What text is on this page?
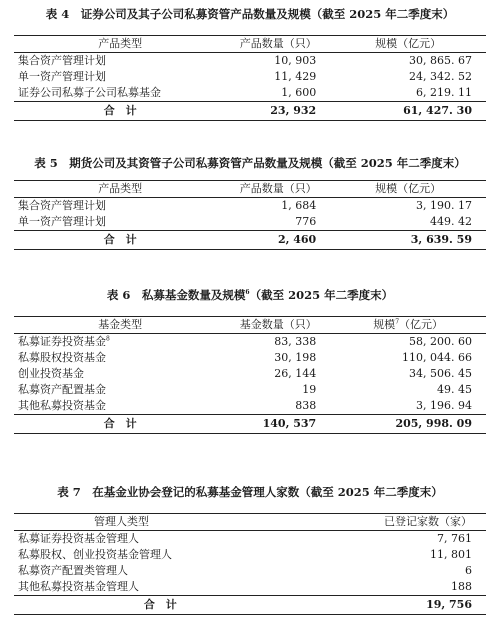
表 4　证券公司及其子公司私募资管产品数量及规模（截至 2025 年二季度末）
产品类型	产品数量（只）	规模（亿元）
集合资产管理计划	10, 903	30, 865. 67
单一资产管理计划	11, 429	24, 342. 52
证券公司私募子公司私募基金	1, 600	6, 219. 11
合　计	23, 932	61, 427. 30
表 5　期货公司及其资管子公司私募资管产品数量及规模（截至 2025 年二季度末）
产品类型	产品数量（只）	规模（亿元）
集合资产管理计划	1, 684	3, 190. 17
单一资产管理计划	776	449. 42
合　计	2, 460	3, 639. 59
表 6　私募基金数量及规模$^6$（截至 2025 年二季度末）
基金类型	基金数量（只）	规模$^7$（亿元）
私募证券投资基金$^8$	83, 338	58, 200. 60
私募股权投资基金	30, 198	110, 044. 66
创业投资基金	26, 144	34, 506. 45
私募资产配置基金	19	49. 45
其他私募投资基金	838	3, 196. 94
合　计	140, 537	205, 998. 09
表 7　在基金业协会登记的私募基金管理人家数（截至 2025 年二季度末）
管理人类型	已登记家数（家）
私募证券投资基金管理人	7, 761
私募股权、创业投资基金管理人	11, 801
私募资产配置类管理人	6
其他私募投资基金管理人	188
合　计	19, 756
